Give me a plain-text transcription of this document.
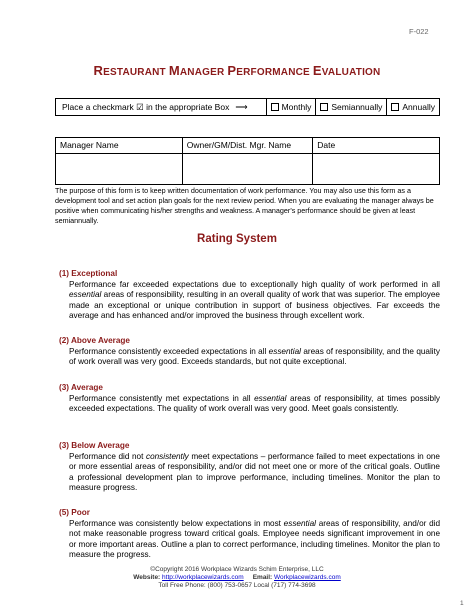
F-022
RESTAURANT MANAGER PERFORMANCE EVALUATION
Place a checkmark ☑ in the appropriate Box ⟶	Monthly Semiannually Annually
Manager Name	Owner/GM/Dist. Mgr. Name	Date

The purpose of this form is to keep written documentation of work performance. You may also use this form as a development tool and set action plan goals for the next review period. When you are evaluating the manager always be positive when communicating his/her strengths and weakness. A manager's performance should be given at least semiannually.
Rating System
(1) Exceptional
Performance far exceeded expectations due to exceptionally high quality of work performed in all essential areas of responsibility, resulting in an overall quality of work that was superior. The employee made an exceptional or unique contribution in support of business objectives. Far exceeds the average and has enhanced and/or improved the business through excellent work.
(2) Above Average
Performance consistently exceeded expectations in all essential areas of responsibility, and the quality of work overall was very good. Exceeds standards, but not quite exceptional.
(3) Average
Performance consistently met expectations in all essential areas of responsibility, at times possibly exceeded expectations. The quality of work overall was very good. Meet goals consistently.
(3) Below Average
Performance did not consistently meet expectations – performance failed to meet expectations in one or more essential areas of responsibility, and/or did not meet one or more of the critical goals. Outline a professional development plan to improve performance, including timelines. Monitor the plan to measure progress.
(5) Poor
Performance was consistently below expectations in most essential areas of responsibility, and/or did not make reasonable progress toward critical goals. Employee needs significant improvement in one or more important areas. Outline a plan to correct performance, including timelines. Monitor the plan to measure the progress.
©Copyright 2016 Workplace Wizards Schim Enterprise, LLC
Website: http://workplacewizards.com Email: Workplacewizards.com
Toll Free Phone: (800) 753-0657 Local (717) 774-3698
1
